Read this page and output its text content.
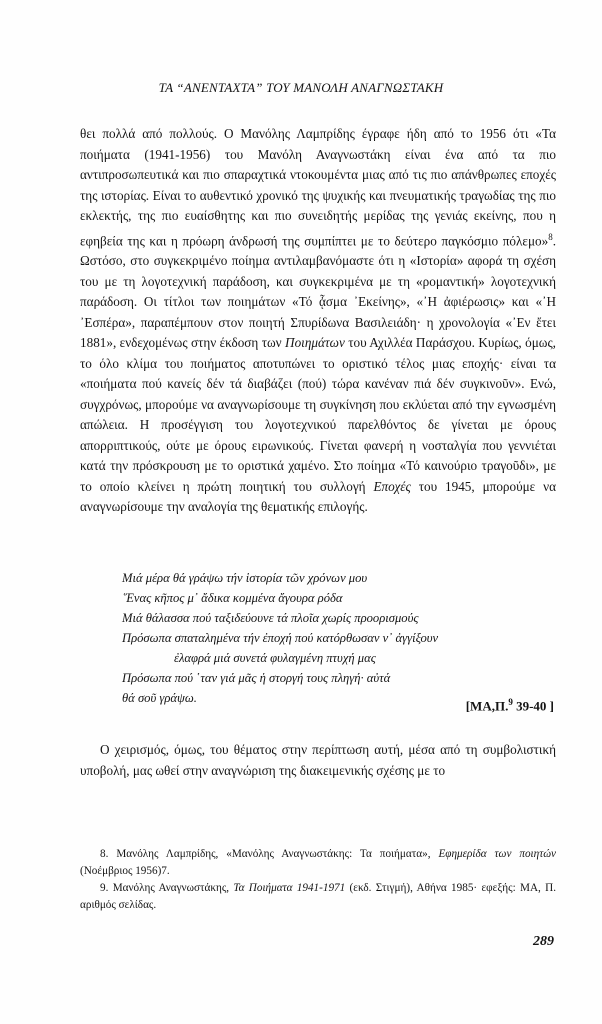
ΤΑ “ΑΝΕΝΤΑΧΤΑ” ΤΟΥ ΜΑΝΟΛΗ ΑΝΑΓΝΩΣΤΑΚΗ

θει πολλά από πολλούς. Ο Μανόλης Λαμπρίδης έγραφε ήδη από το 1956 ότι «Τα ποιήματα (1941-1956) του Μανόλη Αναγνωστάκη είναι ένα από τα πιο αντιπροσωπευτικά και πιο σπαραχτικά ντοκουμέντα μιας από τις πιο απάνθρωπες εποχές της ιστορίας. Είναι το αυθεντικό χρονικό της ψυχικής και πνευματικής τραγωδίας της πιο εκλεκτής, της πιο ευαίσθητης και πιο συνειδητής μερίδας της γενιάς εκείνης, που η εφηβεία της και η πρόωρη άνδρωσή της συμπίπτει με το δεύτερο παγκόσμιο πόλεμο»$^8$. Ωστόσο, στο συγκεκριμένο ποίημα αντιλαμβανόμαστε ότι η «Ιστορία» αφορά τη σχέση του με τη λογοτεχνική παράδοση, και συγκεκριμένα με τη «ρομαντική» λογοτεχνική παράδοση. Οι τίτλοι των ποιημάτων «Τό ᾆσμα ᾿Εκείνης», «᾿Η ἀφιέρωσις» και «᾿Η ᾿Εσπέρα», παραπέμπουν στον ποιητή Σπυρίδωνα Βασιλειάδη· η χρονολογία «᾿Εν ἔτει 1881», ενδεχομένως στην έκδοση των Ποιημάτων του Αχιλλέα Παράσχου. Κυρίως, όμως, το όλο κλίμα του ποιήματος αποτυπώνει το οριστικό τέλος μιας εποχής· είναι τα «ποιήματα πού κανείς δέν τά διαβάζει (πού) τώρα κανέναν πιά δέν συγκινοῦν». Ενώ, συγχρόνως, μπορούμε να αναγνωρίσουμε τη συγκίνηση που εκλύεται από την εγνωσμένη απώλεια. Η προσέγγιση του λογοτεχνικού παρελθόντος δε γίνεται με όρους απορριπτικούς, ούτε με όρους ειρωνικούς. Γίνεται φανερή η νοσταλγία που γεννιέται κατά την πρόσκρουση με το οριστικά χαμένο. Στο ποίημα «Τό καινούριο τραγοῦδι», με το οποίο κλείνει η πρώτη ποιητική του συλλογή Εποχές του 1945, μπορούμε να αναγνωρίσουμε την αναλογία της θεματικής επιλογής.

Μιά μέρα θά γράψω τήν ἱστορία τῶν χρόνων μου
῞Ενας κῆπος μ᾿ ἄδικα κομμένα ἄγουρα ρόδα
Μιά θάλασσα πού ταξιδεύουνε τά πλοῖα χωρίς προορισμούς
Πρόσωπα σπαταλημένα τήν ἐποχή πού κατόρθωσαν ν᾿ ἀγγίξουν
ἐλαφρά μιά συνετά φυλαγμένη πτυχή μας
Πρόσωπα πού ῾ταν γιά μᾶς ἡ στοργή τους πληγή· αὐτά
θά σοῦ γράψω.
[ΜΑ,Π.$^9$ 39-40 ]

Ο χειρισμός, όμως, του θέματος στην περίπτωση αυτή, μέσα από τη συμβολιστική υποβολή, μας ωθεί στην αναγνώριση της διακειμενικής σχέσης με το

8. Μανόλης Λαμπρίδης, «Μανόλης Αναγνωστάκης: Τα ποιήματα», Εφημερίδα των ποιητών (Νοέμβριος 1956)7.

9. Μανόλης Αναγνωστάκης, Τα Ποιήματα 1941-1971 (εκδ. Στιγμή), Αθήνα 1985· εφεξής: ΜΑ, Π. αριθμός σελίδας.

289
